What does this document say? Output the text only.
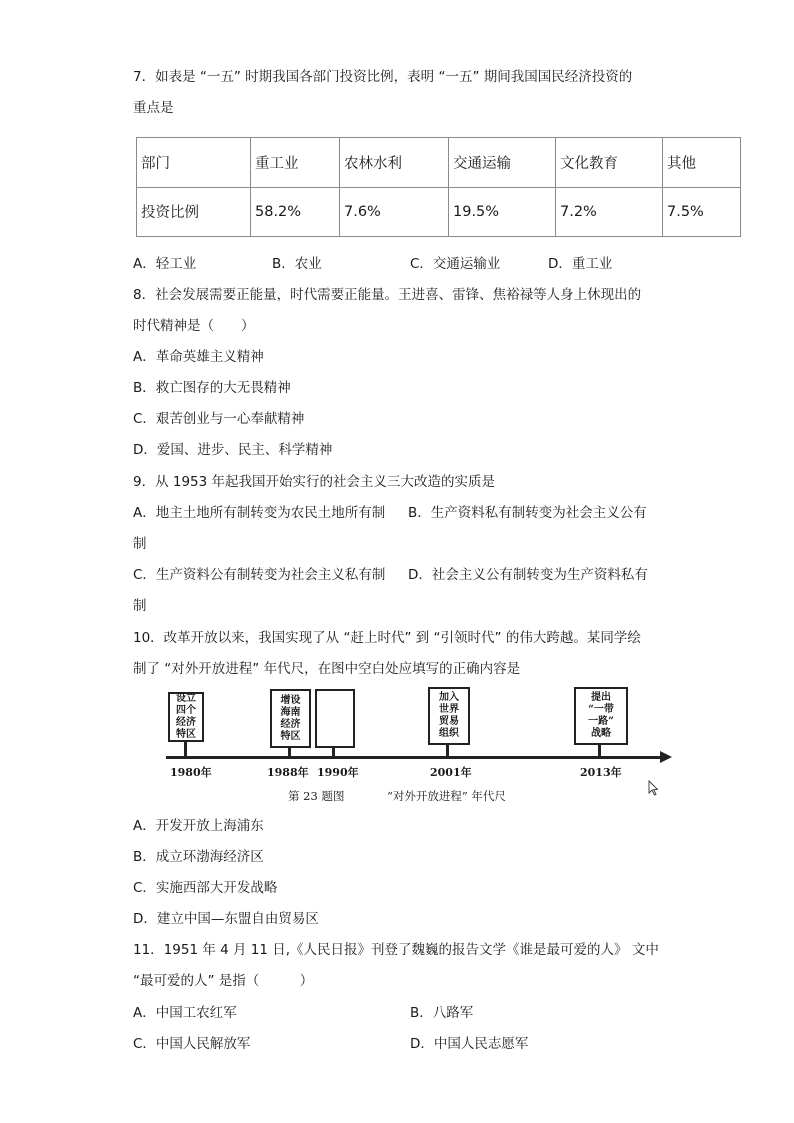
7．如表是 “一五” 时期我国各部门投资比例，表明 “一五” 期间我国国民经济投资的
重点是
部门	重工业	农林水利	交通运输	文化教育	其他
投资比例	58.2%	7.6%	19.5%	7.2%	7.5%
A．轻工业	B．农业	C．交通运输业	D．重工业
8．社会发展需要正能量，时代需要正能量。王进喜、雷锋、焦裕禄等人身上休现出的
时代精神是（　　）
A．革命英雄主义精神
B．救亡图存的大无畏精神
C．艰苦创业与一心奉献精神
D．爱国、进步、民主、科学精神
9．从 1953 年起我国开始实行的社会主义三大改造的实质是
A．地主土地所有制转变为农民土地所有制 B．生产资料私有制转变为社会主义公有
制
C．生产资料公有制转变为社会主义私有制 D．社会主义公有制转变为生产资料私有
制
10．改革开放以来，我国实现了从 “赶上时代” 到 “引领时代” 的伟大跨越。某同学绘
制了 “对外开放进程” 年代尺，在图中空白处应填写的正确内容是
设立
四个
经济
特区
增设
海南
经济
特区
加入
世界
贸易
组织
提出
“一带
一路”
战略
1980年	1988年 1990年	2001年	2013年
第 23 题图	“对外开放进程” 年代尺
A．开发开放上海浦东
B．成立环渤海经济区
C．实施西部大开发战略
D．建立中国—东盟自由贸易区
11．1951 年 4 月 11 日,《人民日报》刊登了魏巍的报告文学《谁是最可爱的人》 文中
“最可爱的人” 是指（　　　）
A．中国工农红军	B．八路军
C．中国人民解放军	D．中国人民志愿军
